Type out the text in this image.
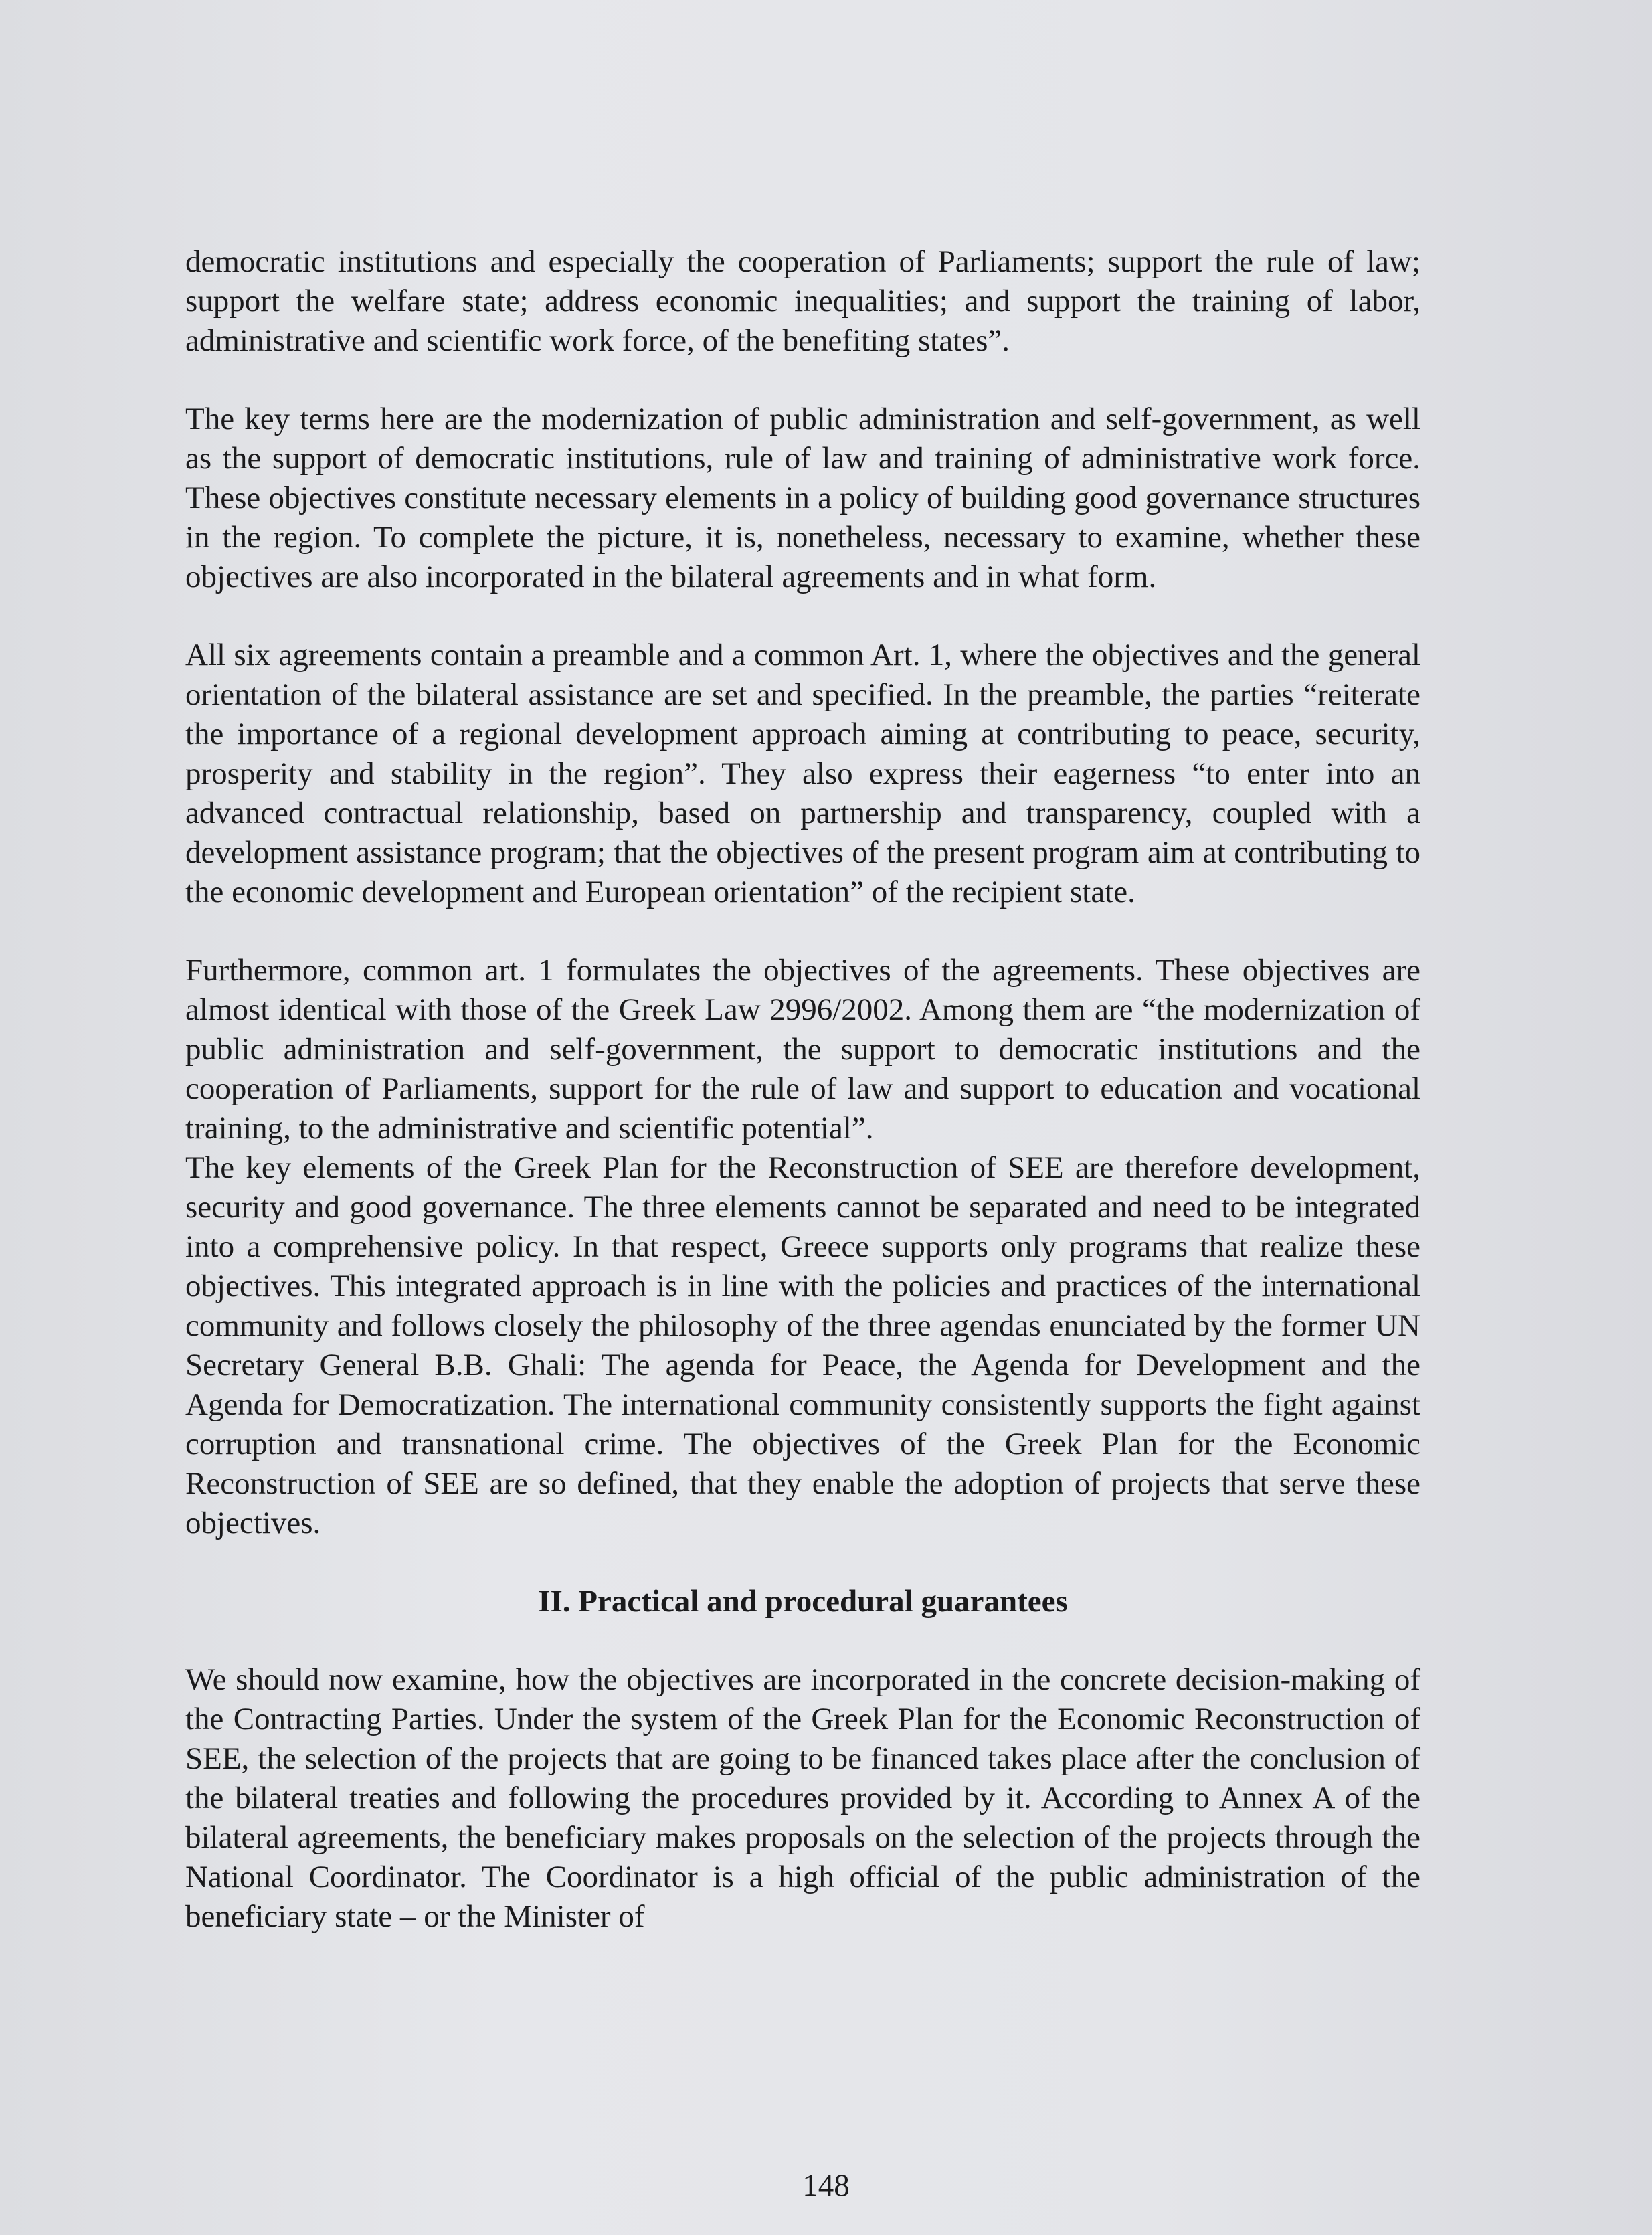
democratic institutions and especially the cooperation of Parliaments; support the rule of law; support the welfare state; address economic inequalities; and support the training of labor, administrative and scientific work force, of the benefiting states”.

The key terms here are the modernization of public administration and self-government, as well as the support of democratic institutions, rule of law and training of administrative work force. These objectives constitute necessary elements in a policy of building good governance structures in the region. To complete the picture, it is, nonetheless, necessary to examine, whether these objectives are also incorporated in the bilateral agreements and in what form.

All six agreements contain a preamble and a common Art. 1, where the objectives and the general orientation of the bilateral assistance are set and specified. In the preamble, the parties “reiterate the importance of a regional development approach aiming at contributing to peace, security, prosperity and stability in the region”. They also express their eagerness “to enter into an advanced contractual relationship, based on partnership and transparency, coupled with a development assistance program; that the objectives of the present program aim at contributing to the economic development and European orientation” of the recipient state.

Furthermore, common art. 1 formulates the objectives of the agreements. These objectives are almost identical with those of the Greek Law 2996/2002. Among them are “the modernization of public administration and self-government, the support to democratic institutions and the cooperation of Parliaments, support for the rule of law and support to education and vocational training, to the administrative and scientific potential”.

The key elements of the Greek Plan for the Reconstruction of SEE are therefore development, security and good governance. The three elements cannot be separated and need to be integrated into a comprehensive policy. In that respect, Greece supports only programs that realize these objectives. This integrated approach is in line with the policies and practices of the international community and follows closely the philosophy of the three agendas enunciated by the former UN Secretary General B.B. Ghali: The agenda for Peace, the Agenda for Development and the Agenda for Democratization. The international community consistently supports the fight against corruption and transnational crime. The objectives of the Greek Plan for the Economic Reconstruction of SEE are so defined, that they enable the adoption of projects that serve these objectives.

II. Practical and procedural guarantees

We should now examine, how the objectives are incorporated in the concrete decision-making of the Contracting Parties. Under the system of the Greek Plan for the Economic Reconstruction of SEE, the selection of the projects that are going to be financed takes place after the conclusion of the bilateral treaties and following the procedures provided by it. According to Annex A of the bilateral agreements, the beneficiary makes proposals on the selection of the projects through the National Coordinator. The Coordinator is a high official of the public administration of the beneficiary state – or the Minister of

148
